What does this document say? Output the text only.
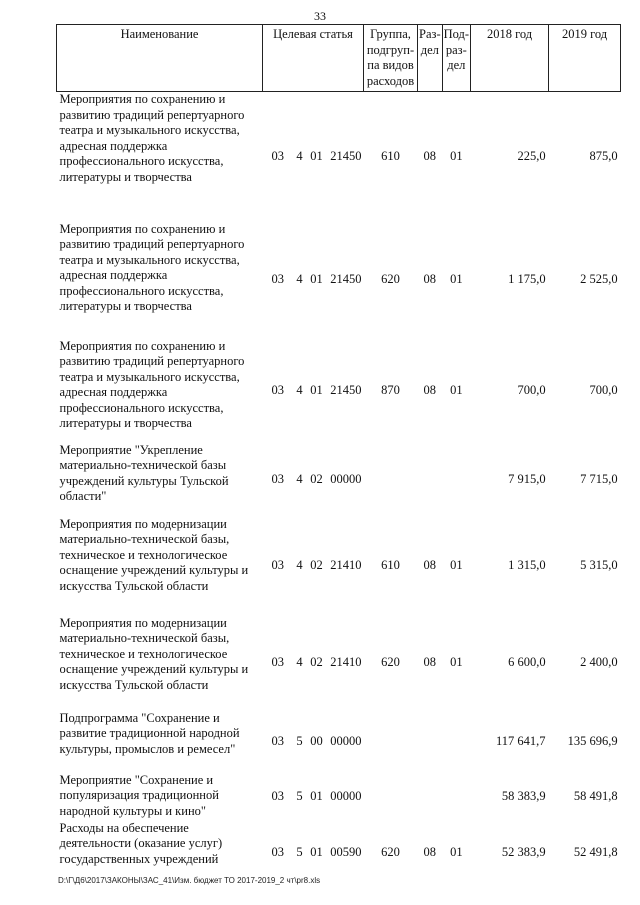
33
Наименование	Целевая статья	Группа, подгруп-па видов расходов	Раз-дел	Под-раз-дел	2018 год	2019 год

Мероприятия по сохранению и развитию традиций репертуарного театра и музыкального искусства, адресная поддержка профессионального искусства, литературы и творчества	03 4 01 21450	610	08	01	225,0	875,0

Мероприятия по сохранению и развитию традиций репертуарного театра и музыкального искусства, адресная поддержка профессионального искусства, литературы и творчества	03 4 01 21450	620	08	01	1 175,0	2 525,0

Мероприятия по сохранению и развитию традиций репертуарного театра и музыкального искусства, адресная поддержка профессионального искусства, литературы и творчества	03 4 01 21450	870	08	01	700,0	700,0

Мероприятие "Укрепление материально-технической базы учреждений культуры Тульской области"	03 4 02 00000				7 915,0	7 715,0

Мероприятия по модернизации материально-технической базы, техническое и технологическое оснащение учреждений культуры и искусства Тульской области	03 4 02 21410	610	08	01	1 315,0	5 315,0

Мероприятия по модернизации материально-технической базы, техническое и технологическое оснащение учреждений культуры и искусства Тульской области	03 4 02 21410	620	08	01	6 600,0	2 400,0

Подпрограмма "Сохранение и развитие традиционной народной культуры, промыслов и ремесел"	03 5 00 00000				117 641,7	135 696,9

Мероприятие "Сохранение и популяризация традиционной народной культуры и кино"	03 5 01 00000				58 383,9	58 491,8

Расходы на обеспечение деятельности (оказание услуг) государственных учреждений	03 5 01 00590	620	08	01	52 383,9	52 491,8
D:\Г\Д6\2017\ЗАКОНЫ\ЗАС_41\Изм. бюджет ТО 2017-2019_2 чт\pr8.xls
